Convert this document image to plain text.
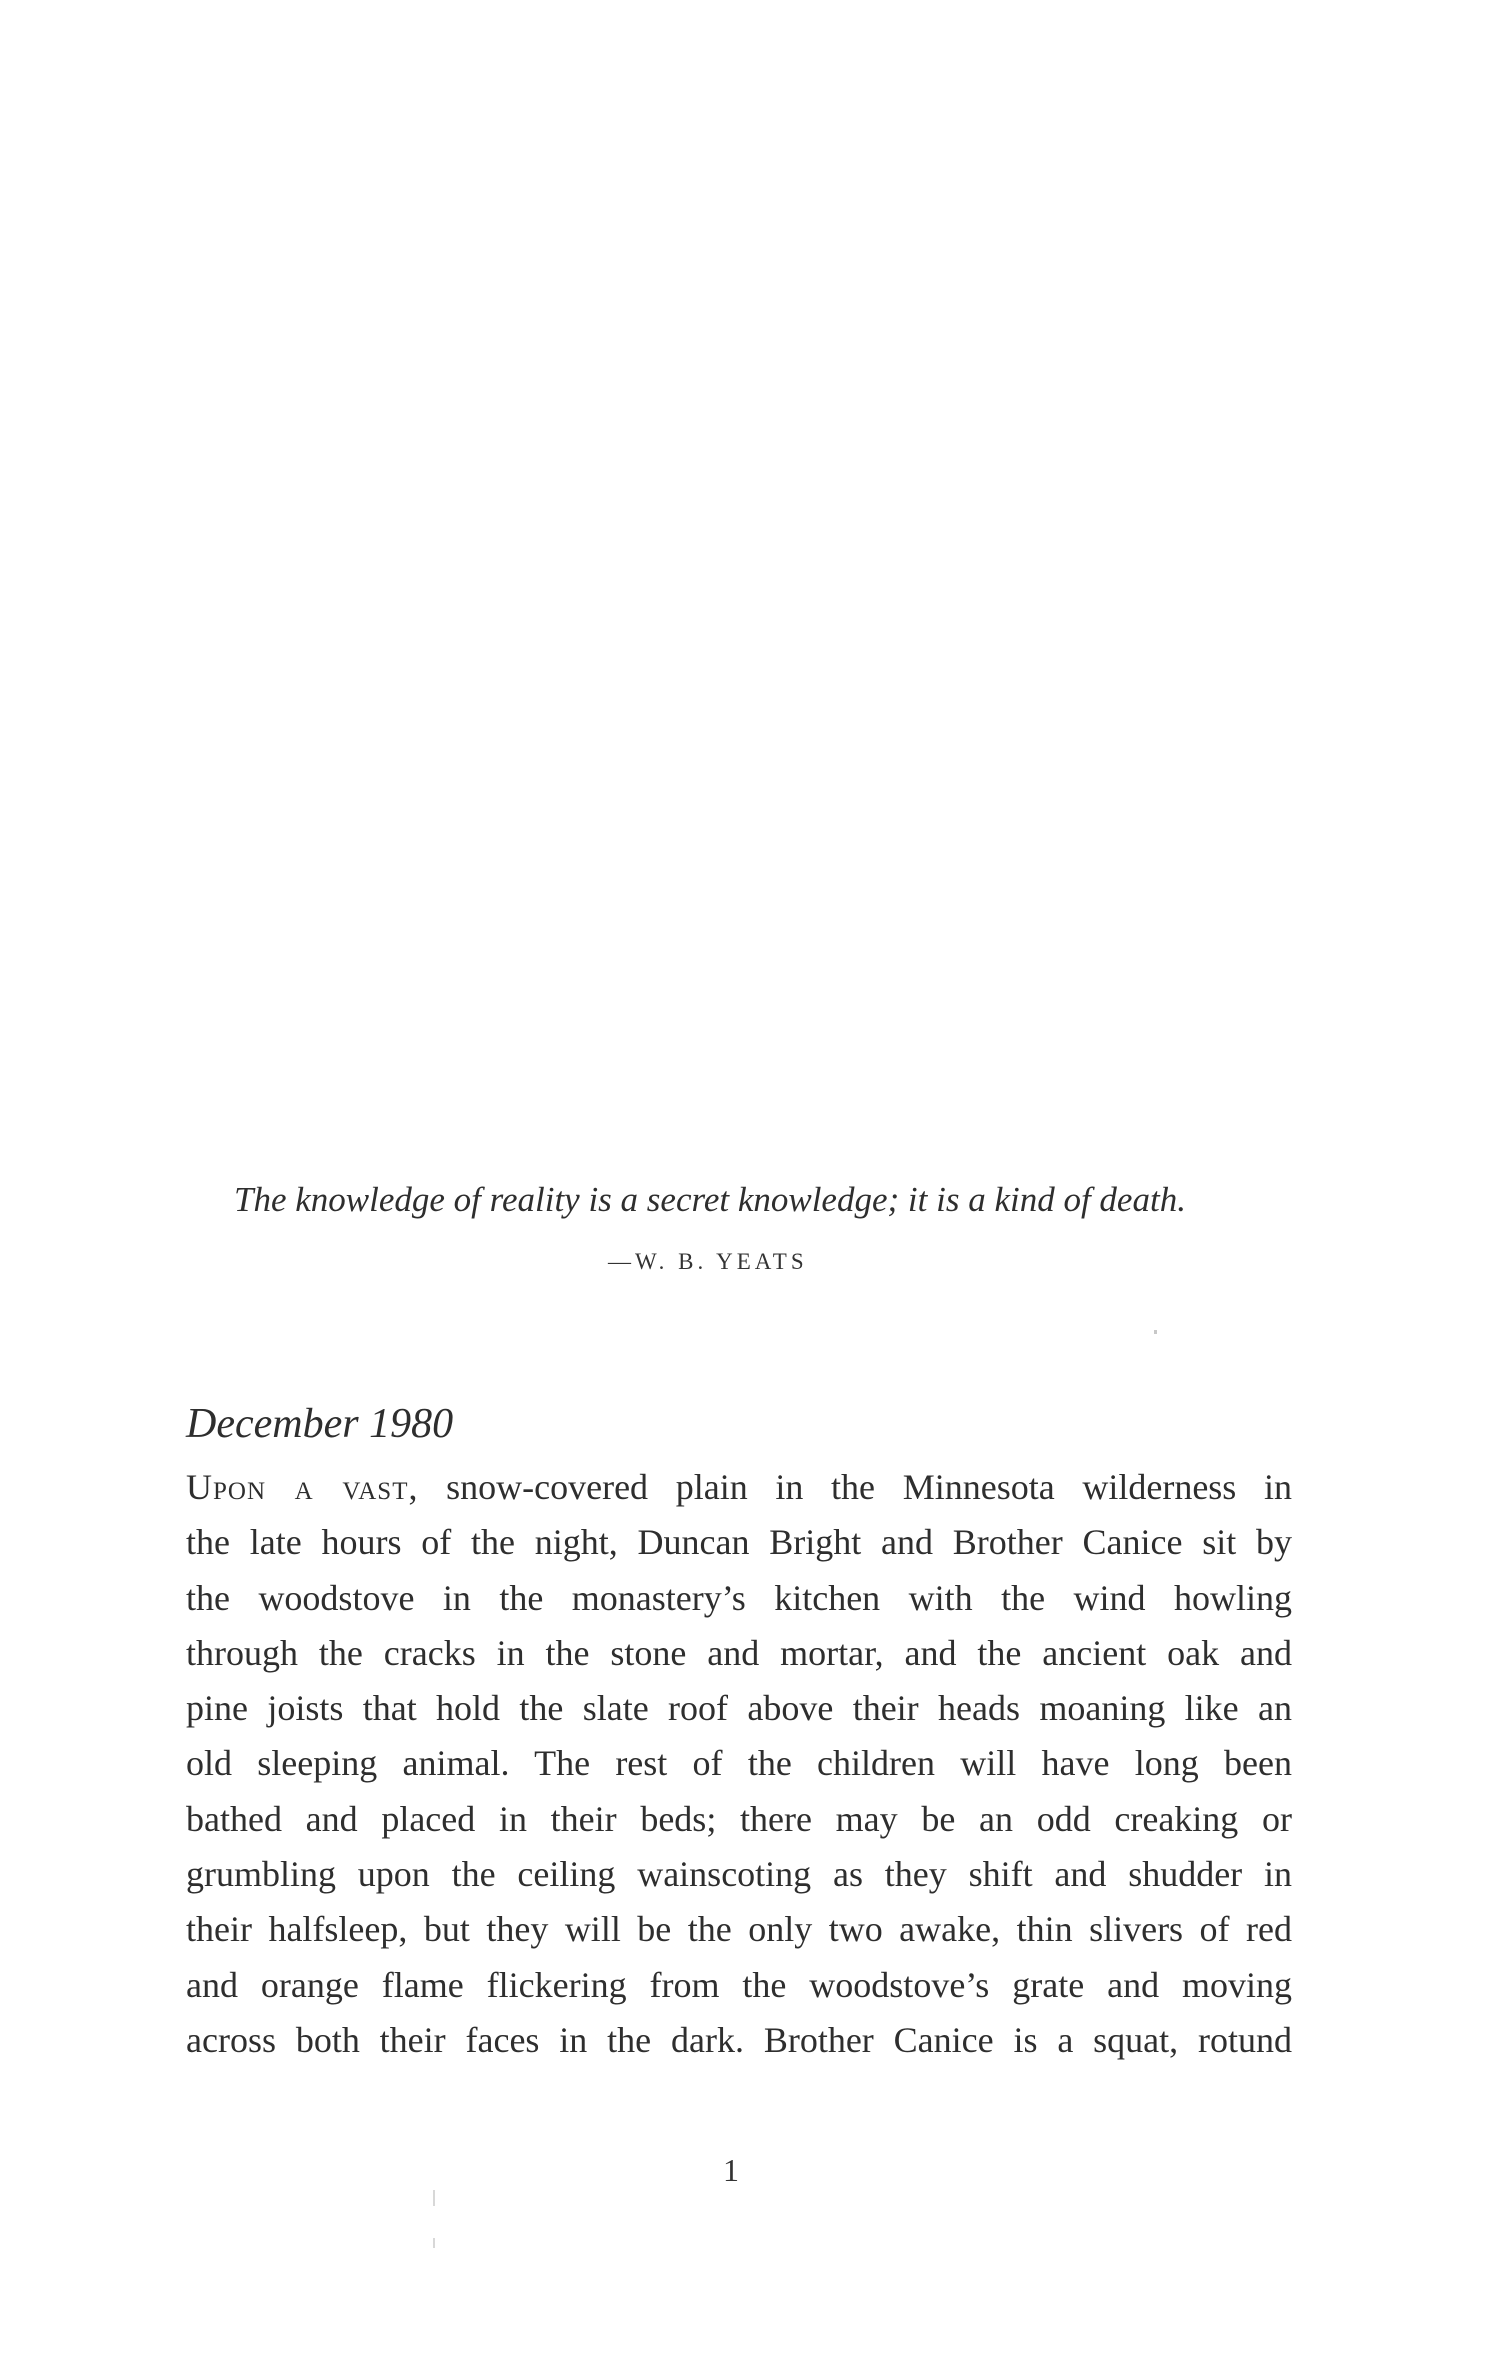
The knowledge of reality is a secret knowledge; it is a kind of death.
—W. B. YEATS
December 1980
Upon a vast, snow-covered plain in the Minnesota wilderness in
the late hours of the night, Duncan Bright and Brother Canice sit by
the woodstove in the monastery’s kitchen with the wind howling
through the cracks in the stone and mortar, and the ancient oak and
pine joists that hold the slate roof above their heads moaning like an
old sleeping animal. The rest of the children will have long been
bathed and placed in their beds; there may be an odd creaking or
grumbling upon the ceiling wainscoting as they shift and shudder in
their halfsleep, but they will be the only two awake, thin slivers of red
and orange flame flickering from the woodstove’s grate and moving
across both their faces in the dark. Brother Canice is a squat, rotund
1
